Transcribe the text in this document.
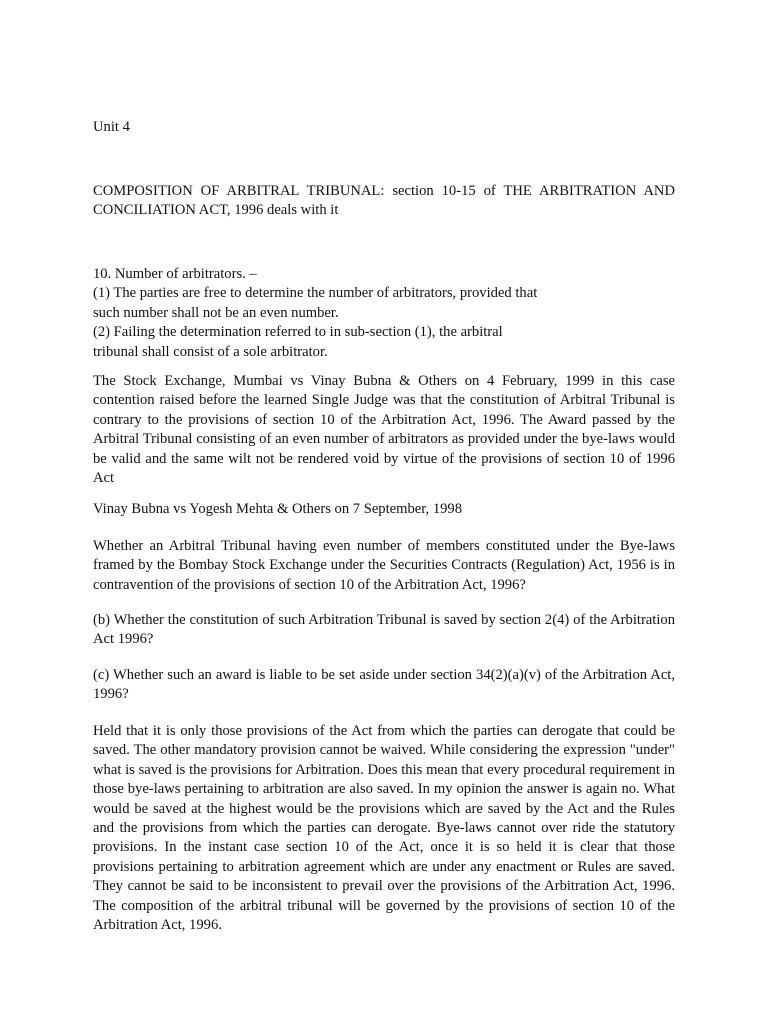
Unit 4

COMPOSITION OF ARBITRAL TRIBUNAL: section 10-15 of THE ARBITRATION AND CONCILIATION ACT, 1996 deals with it

10. Number of arbitrators. –
(1) The parties are free to determine the number of arbitrators, provided that
such number shall not be an even number.
(2) Failing the determination referred to in sub-section (1), the arbitral
tribunal shall consist of a sole arbitrator.

The Stock Exchange, Mumbai vs Vinay Bubna & Others on 4 February, 1999 in this case contention raised before the learned Single Judge was that the constitution of Arbitral Tribunal is contrary to the provisions of section 10 of the Arbitration Act, 1996. The Award passed by the Arbitral Tribunal consisting of an even number of arbitrators as provided under the bye-laws would be valid and the same wilt not be rendered void by virtue of the provisions of section 10 of 1996 Act

Vinay Bubna vs Yogesh Mehta & Others on 7 September, 1998

Whether an Arbitral Tribunal having even number of members constituted under the Bye-laws framed by the Bombay Stock Exchange under the Securities Contracts (Regulation) Act, 1956 is in contravention of the provisions of section 10 of the Arbitration Act, 1996?

(b) Whether the constitution of such Arbitration Tribunal is saved by section 2(4) of the Arbitration Act 1996?

(c) Whether such an award is liable to be set aside under section 34(2)(a)(v) of the Arbitration Act, 1996?

Held that it is only those provisions of the Act from which the parties can derogate that could be saved. The other mandatory provision cannot be waived. While considering the expression "under" what is saved is the provisions for Arbitration. Does this mean that every procedural requirement in those bye-laws pertaining to arbitration are also saved. In my opinion the answer is again no. What would be saved at the highest would be the provisions which are saved by the Act and the Rules and the provisions from which the parties can derogate. Bye-laws cannot over ride the statutory provisions. In the instant case section 10 of the Act, once it is so held it is clear that those provisions pertaining to arbitration agreement which are under any enactment or Rules are saved. They cannot be said to be inconsistent to prevail over the provisions of the Arbitration Act, 1996. The composition of the arbitral tribunal will be governed by the provisions of section 10 of the Arbitration Act, 1996.
